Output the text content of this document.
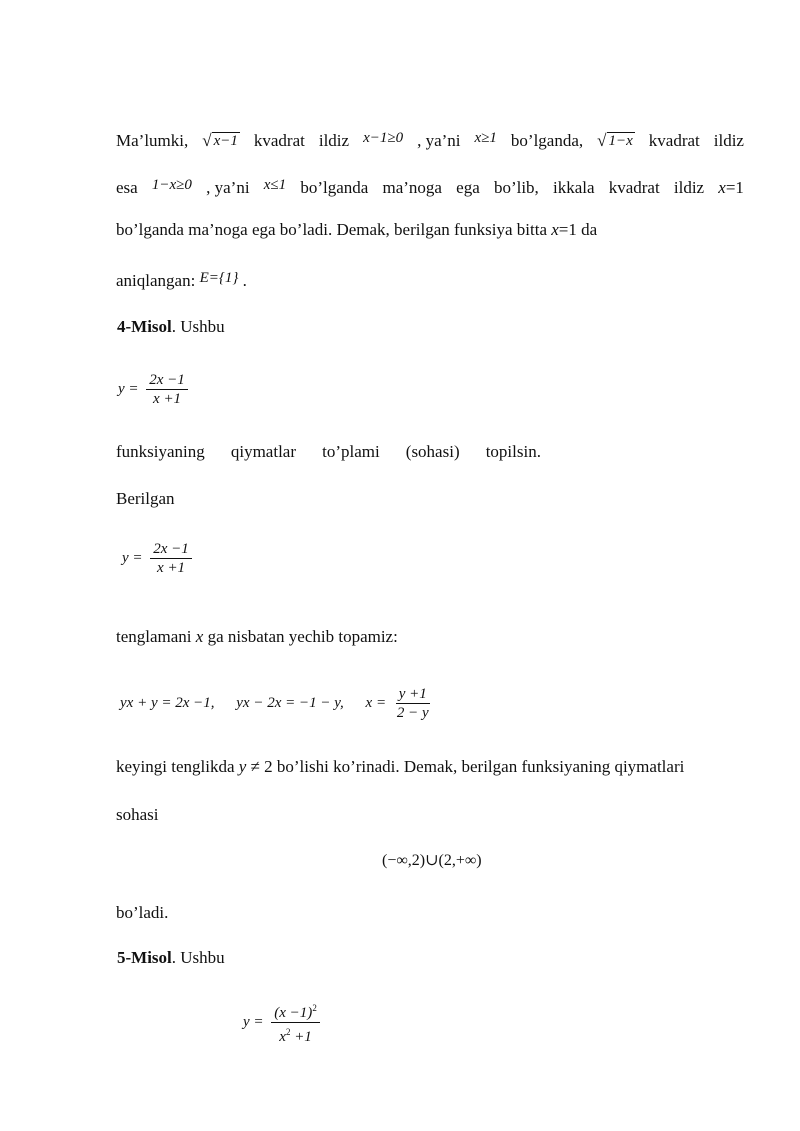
Ma’lumki, √ x−1 kvadrat ildiz x−1≥0 , ya’ni x≥1 bo’lganda, √ 1−x kvadrat ildiz
esa 1−x≥0 , ya’ni x≤1 bo’lganda ma’noga ega bo’lib, ikkala kvadrat ildiz x=1
bo’lganda ma’noga ega bo’ladi. Demak, berilgan funksiya bitta x=1 da
aniqlangan: E={1} .
4-Misol. Ushbu
$y = \frac{2x -1}{x +1}$
funksiyaning qiymatlar to’plami (sohasi) topilsin.
Berilgan
$y = \frac{2x -1}{x +1}$
tenglamani x ga nisbatan yechib topamiz:
yx + y = 2x −1, yx − 2x = −1 − y, $x = \frac{y +1}{2 - y}$
keyingi tenglikda y ≠ 2 bo’lishi ko’rinadi. Demak, berilgan funksiyaning qiymatlari
sohasi
(−∞,2)∪(2,+∞)
bo’ladi.
5-Misol. Ushbu
$y = \frac{(x -1)^2}{x^2 +1}$
